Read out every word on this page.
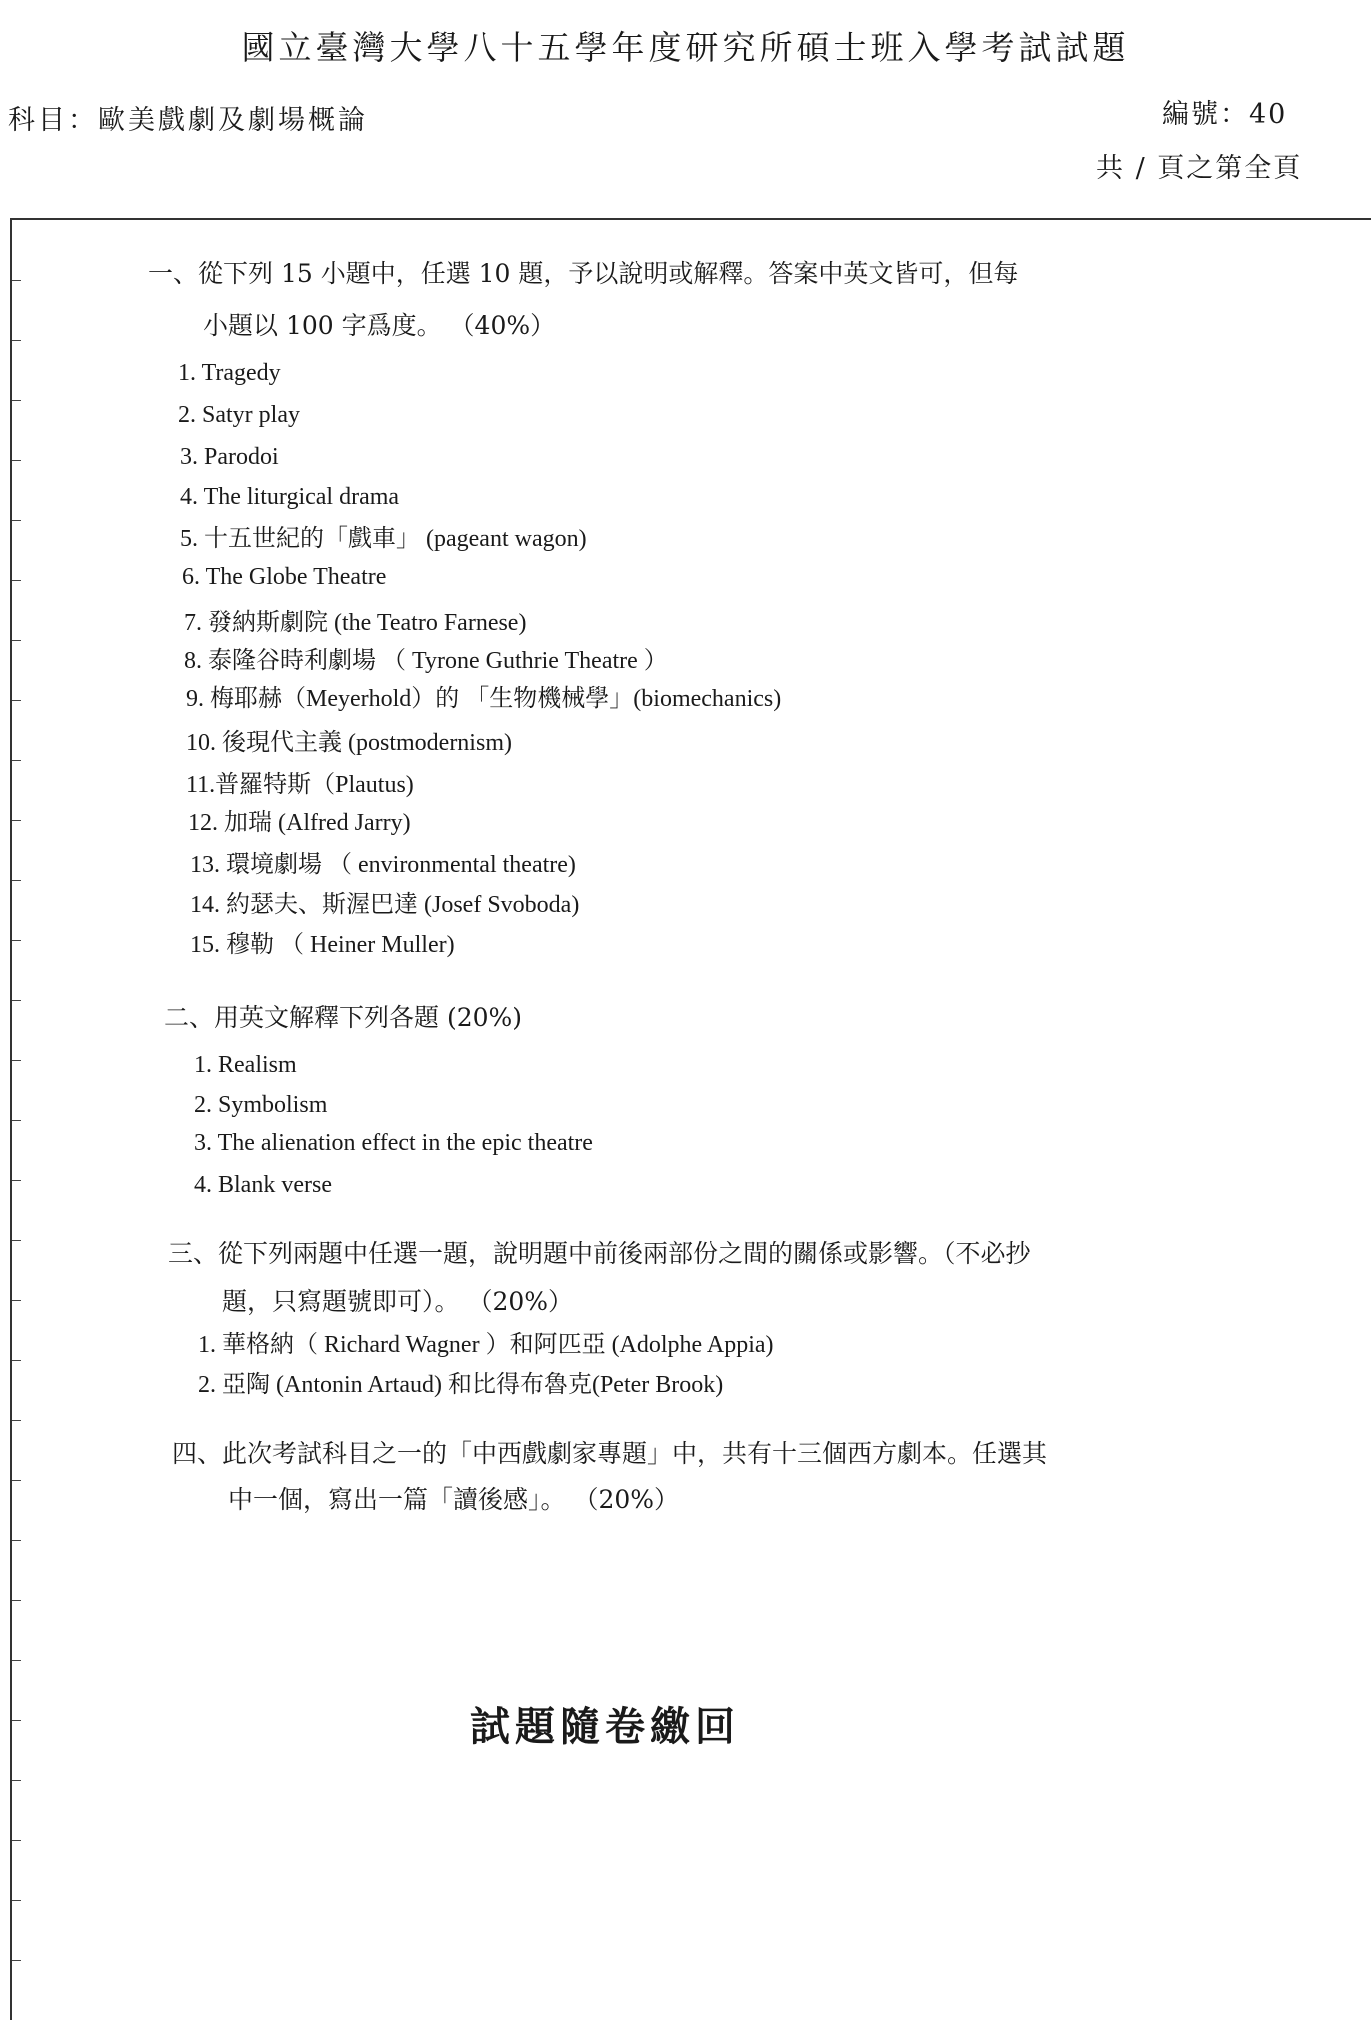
國立臺灣大學八十五學年度研究所碩士班入學考試試題
科目：歐美戲劇及劇場概論	編號：40
共 / 頁之第全頁
一、從下列 15 小題中，任選 10 題，予以說明或解釋。答案中英文皆可，但每
小題以 100 字爲度。 （40%）
1. Tragedy
2. Satyr play
3. Parodoi
4. The liturgical drama
5. 十五世紀的「戲車」 (pageant wagon)
6. The Globe Theatre
7. 發納斯劇院 (the Teatro Farnese)
8. 泰隆谷時利劇場 （ Tyrone Guthrie Theatre ）
9. 梅耶赫（Meyerhold）的 「生物機械學」(biomechanics)
10. 後現代主義 (postmodernism)
11.普羅特斯（Plautus)
12. 加瑞 (Alfred Jarry)
13. 環境劇場 （ environmental theatre)
14. 約瑟夫、斯渥巴達 (Josef Svoboda)
15. 穆勒 （ Heiner Muller)
二、用英文解釋下列各題 (20%)
1. Realism
2. Symbolism
3. The alienation effect in the epic theatre
4. Blank verse
三、從下列兩題中任選一題，說明題中前後兩部份之間的關係或影響。（不必抄
題，只寫題號即可）。 （20%）
1. 華格納（ Richard Wagner ）和阿匹亞 (Adolphe Appia)
2. 亞陶 (Antonin Artaud) 和比得布魯克(Peter Brook)
四、此次考試科目之一的「中西戲劇家專題」中，共有十三個西方劇本。任選其
中一個，寫出一篇「讀後感」。 （20%）
試題隨卷繳回
